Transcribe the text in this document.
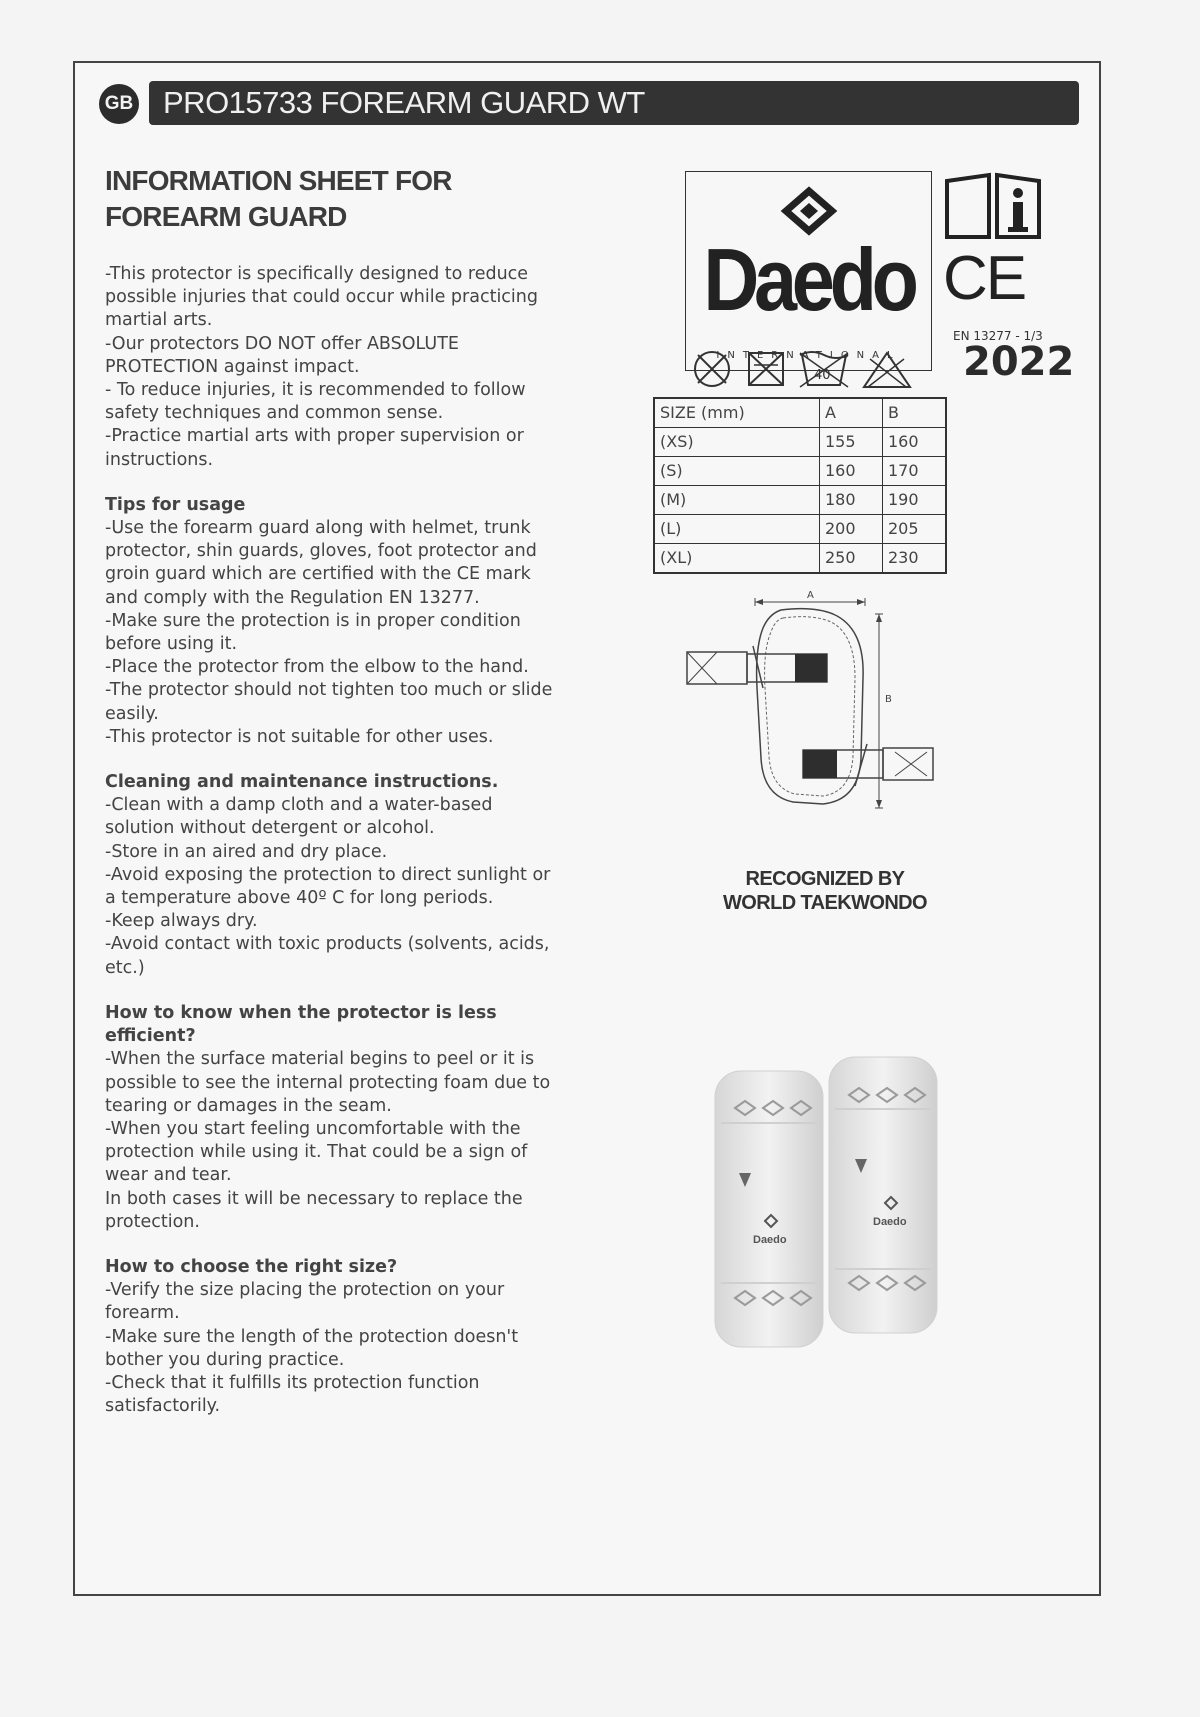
GB PRO15733 FOREARM GUARD WT
INFORMATION SHEET FOR
FOREARM GUARD

-This protector is specifically designed to reduce
possible injuries that could occur while practicing
martial arts.
-Our protectors DO NOT offer ABSOLUTE
PROTECTION against impact.
- To reduce injuries, it is recommended to follow
safety techniques and common sense.
-Practice martial arts with proper supervision or
instructions.

Tips for usage

-Use the forearm guard along with helmet, trunk
protector, shin guards, gloves, foot protector and
groin guard which are certified with the CE mark
and comply with the Regulation EN 13277.
-Make sure the protection is in proper condition
before using it.
-Place the protector from the elbow to the hand.
-The protector should not tighten too much or slide
easily.
-This protector is not suitable for other uses.

Cleaning and maintenance instructions.

-Clean with a damp cloth and a water-based
solution without detergent or alcohol.
-Store in an aired and dry place.
-Avoid exposing the protection to direct sunlight or
a temperature above 40º C for long periods.
-Keep always dry.
-Avoid contact with toxic products (solvents, acids,
etc.)

How to know when the protector is less
efficient?

-When the surface material begins to peel or it is
possible to see the internal protecting foam due to
tearing or damages in the seam.
-When you start feeling uncomfortable with the
protection while using it. That could be a sign of
wear and tear.
In both cases it will be necessary to replace the
protection.

How to choose the right size?

-Verify the size placing the protection on your
forearm.
-Make sure the length of the protection doesn't
bother you during practice.
-Check that it fulfills its protection function
satisfactorily.

Daedo
INTERNATIONAL
CE
EN 13277 - 1/3
40	2022
SIZE (mm)	A	B
(XS)	155	160
(S)	160	170
(M)	180	190
(L)	200	205
(XL)	250	230
A
B
RECOGNIZED BY
WORLD TAEKWONDO
Daedo
Daedo
